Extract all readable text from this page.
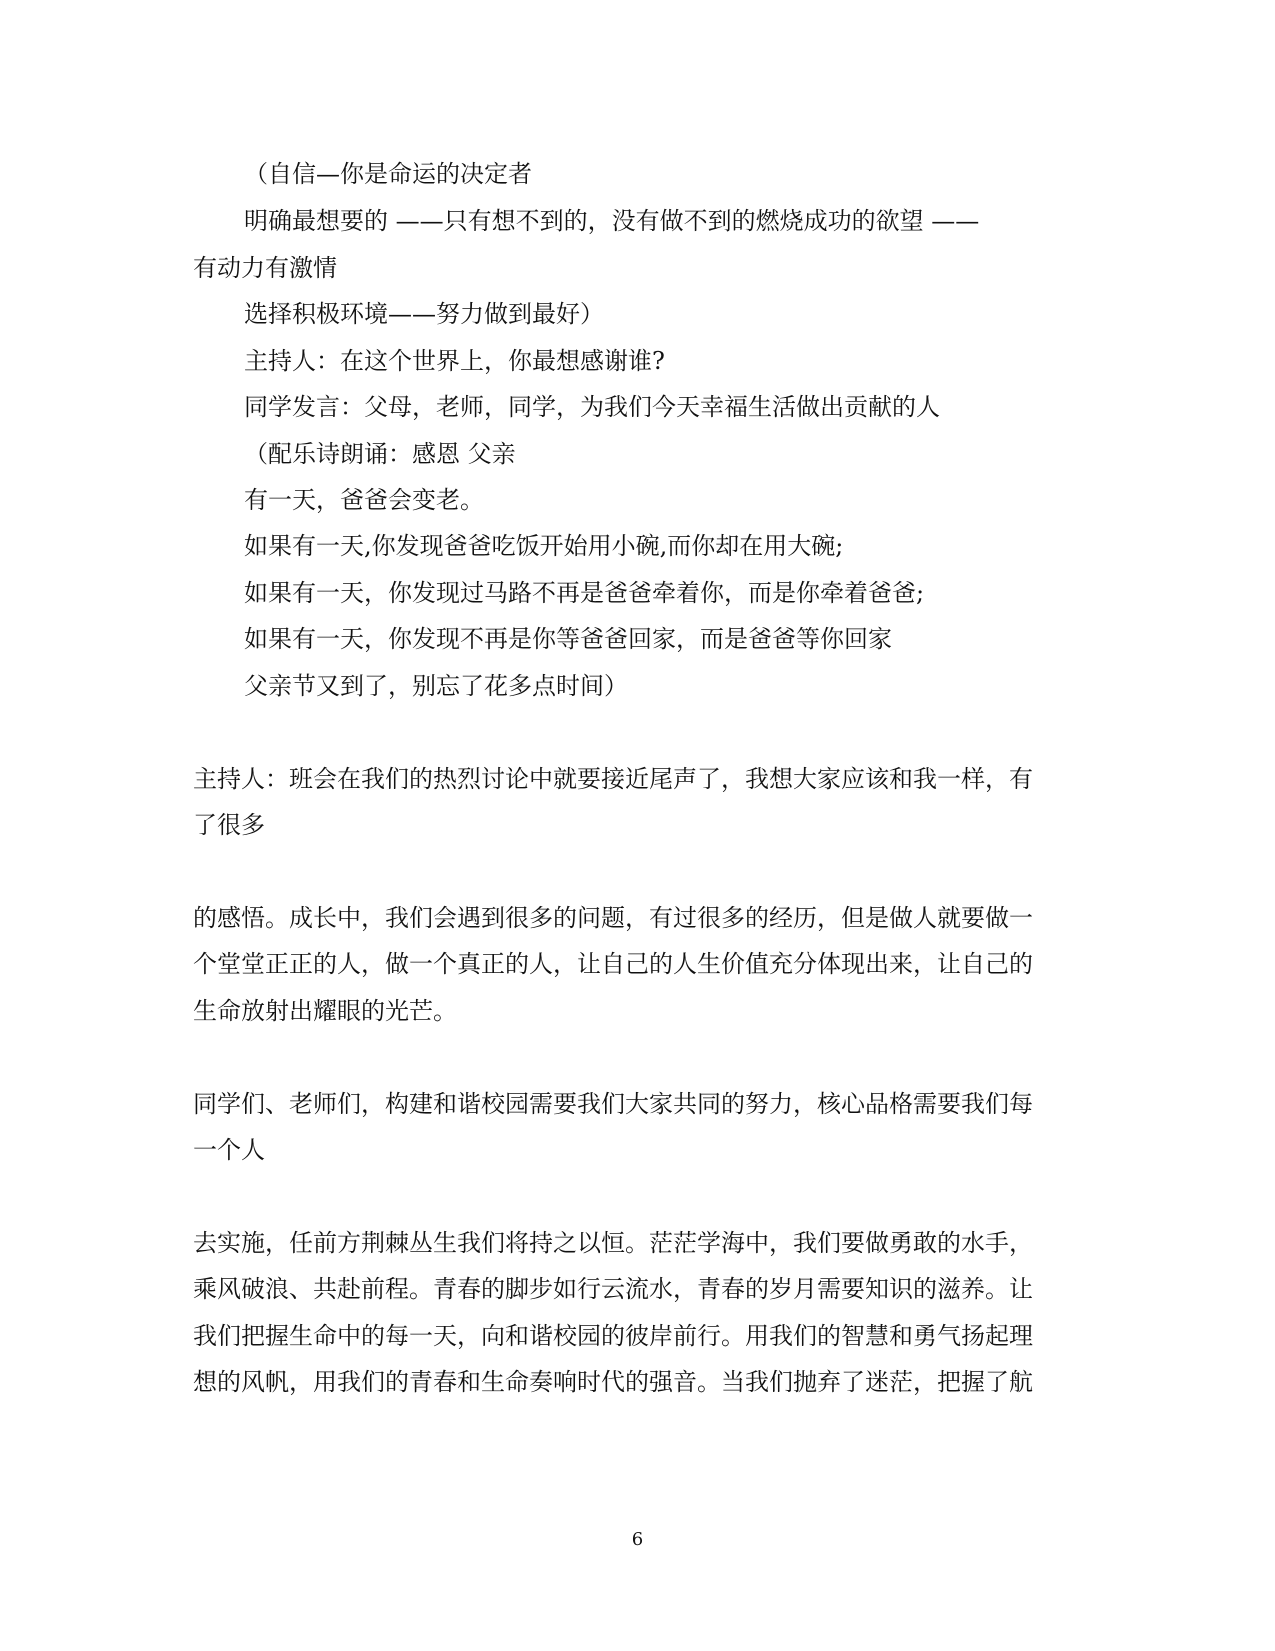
（自信—你是命运的决定者
明确最想要的 ——只有想不到的，没有做不到的燃烧成功的欲望 ——
有动力有激情
选择积极环境——努力做到最好）
主持人：在这个世界上，你最想感谢谁?
同学发言：父母，老师，同学，为我们今天幸福生活做出贡献的人
（配乐诗朗诵：感恩 父亲
有一天，爸爸会变老。
如果有一天,你发现爸爸吃饭开始用小碗,而你却在用大碗;
如果有一天，你发现过马路不再是爸爸牵着你，而是你牵着爸爸;
如果有一天，你发现不再是你等爸爸回家，而是爸爸等你回家
父亲节又到了，别忘了花多点时间）
主持人：班会在我们的热烈讨论中就要接近尾声了，我想大家应该和我一样，有
了很多
的感悟。成长中，我们会遇到很多的问题，有过很多的经历，但是做人就要做一
个堂堂正正的人，做一个真正的人，让自己的人生价值充分体现出来，让自己的
生命放射出耀眼的光芒。
同学们、老师们，构建和谐校园需要我们大家共同的努力，核心品格需要我们每
一个人
去实施，任前方荆棘丛生我们将持之以恒。茫茫学海中，我们要做勇敢的水手，
乘风破浪、共赴前程。青春的脚步如行云流水，青春的岁月需要知识的滋养。让
我们把握生命中的每一天，向和谐校园的彼岸前行。用我们的智慧和勇气扬起理
想的风帆，用我们的青春和生命奏响时代的强音。当我们抛弃了迷茫，把握了航
6
